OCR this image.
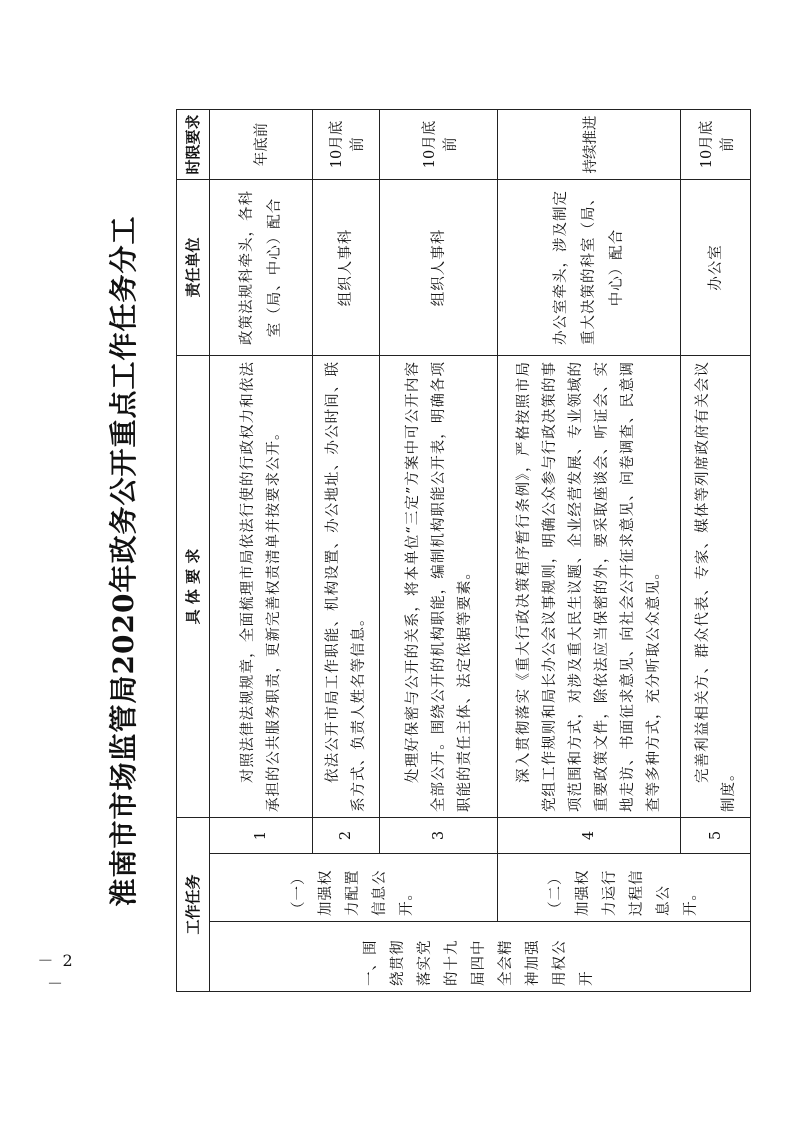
－ 2 －
淮南市市场监管局2020年政务公开重点工作任务分工	工作任务			具 体 要 求	责任单位	时限要求
一、围绕贯彻落实党的十九届四中全会精神加强用权公开	（一）加强权力配置信息公开。	1	对照法律法规规章，全面梳理市局依法行使的行政权力和依法承担的公共服务职责，更新完善权责清单并按要求公开。	政策法规科牵头，各科室（局、中心）配合	年底前
		2	依法公开市局工作职能、机构设置、办公地址、办公时间、联系方式、负责人姓名等信息。	组织人事科	10月底前
		3	处理好保密与公开的关系，将本单位“三定”方案中可公开内容全部公开。围绕公开的机构职能，编制机构职能公开表，明确各项职能的责任主体、法定依据等要素。	组织人事科	10月底前
	（二）加强权力运行过程信息公开。	4	深入贯彻落实《重大行政决策程序暂行条例》，严格按照市局党组工作规则和局长办公会议事规则，明确公众参与行政决策的事项范围和方式，对涉及重大民生议题、企业经营发展、专业领域的重要政策文件，除依法应当保密的外，要采取座谈会、听证会、实地走访、书面征求意见、向社会公开征求意见、问卷调查、民意调查等多种方式，充分听取公众意见。	办公室牵头，涉及制定重大决策的科室（局、中心）配合	持续推进
		5	完善利益相关方、群众代表、专家、媒体等列席政府有关会议制度。	办公室	10月底前
